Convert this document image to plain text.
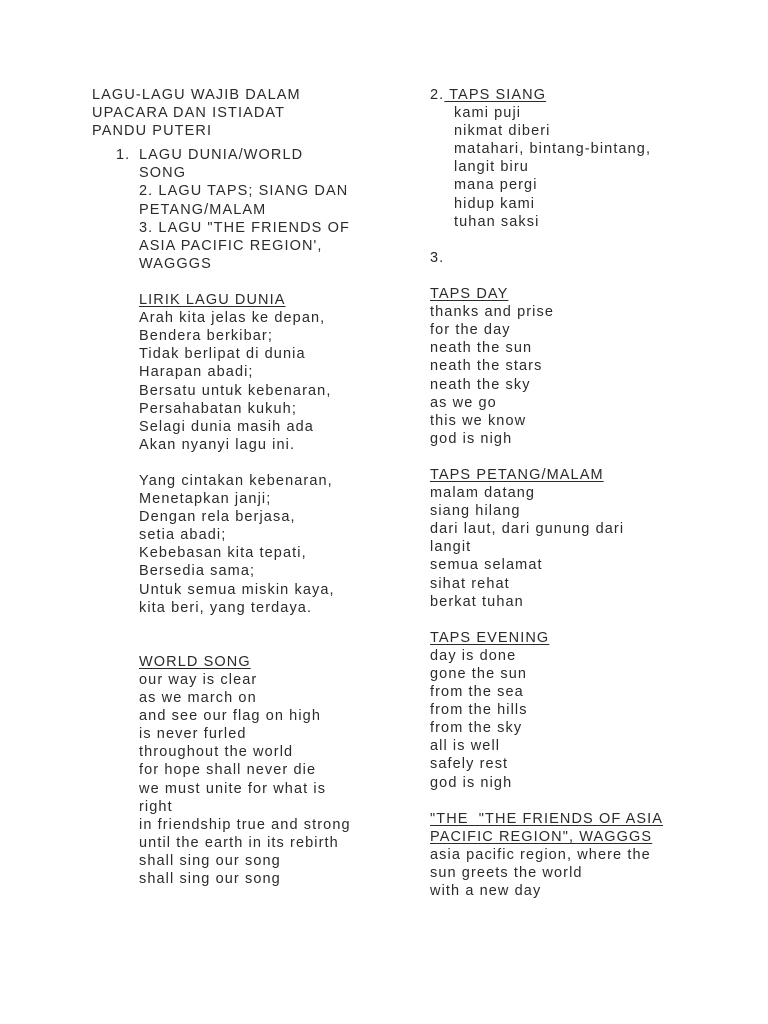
LAGU-LAGU WAJIB DALAM
UPACARA DAN ISTIADAT
PANDU PUTERI
1. LAGU DUNIA/WORLD
SONG
2. LAGU TAPS; SIANG DAN
PETANG/MALAM
3. LAGU "THE FRIENDS OF
ASIA PACIFIC REGION',
WAGGGS
LIRIK LAGU DUNIA
Arah kita jelas ke depan,
Bendera berkibar;
Tidak berlipat di dunia
Harapan abadi;
Bersatu untuk kebenaran,
Persahabatan kukuh;
Selagi dunia masih ada
Akan nyanyi lagu ini.
Yang cintakan kebenaran,
Menetapkan janji;
Dengan rela berjasa,
setia abadi;
Kebebasan kita tepati,
Bersedia sama;
Untuk semua miskin kaya,
kita beri, yang terdaya.
WORLD SONG
our way is clear
as we march on
and see our flag on high
is never furled
throughout the world
for hope shall never die
we must unite for what is
right
in friendship true and strong
until the earth in its rebirth
shall sing our song
shall sing our song
2. TAPS SIANG
kami puji
nikmat diberi
matahari, bintang-bintang,
langit biru
mana pergi
hidup kami
tuhan saksi
3.
TAPS DAY
thanks and prise
for the day
neath the sun
neath the stars
neath the sky
as we go
this we know
god is nigh
TAPS PETANG/MALAM
malam datang
siang hilang
dari laut, dari gunung dari
langit
semua selamat
sihat rehat
berkat tuhan
TAPS EVENING
day is done
gone the sun
from the sea
from the hills
from the sky
all is well
safely rest
god is nigh
"THE  "THE FRIENDS OF ASIA
PACIFIC REGION", WAGGGS
asia pacific region, where the
sun greets the world
with a new day
